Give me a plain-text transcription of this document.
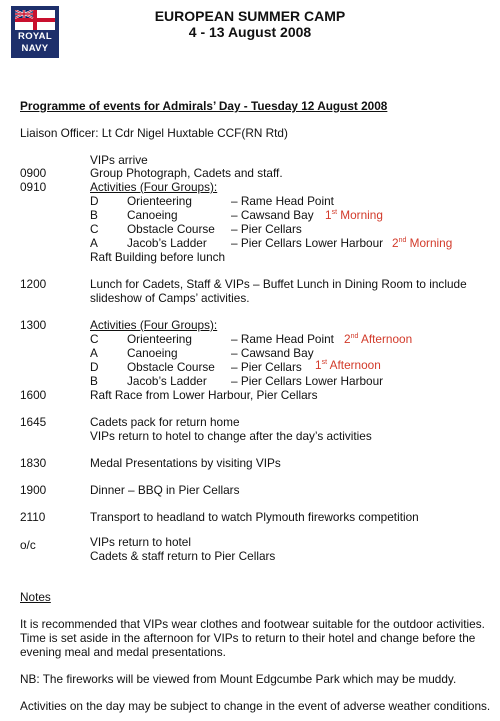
ROYAL
NAVY
EUROPEAN SUMMER CAMP
4 - 13 August 2008
Programme of events for Admirals’ Day - Tuesday 12 August 2008
Liaison Officer: Lt Cdr Nigel Huxtable CCF(RN Rtd)
VIPs arrive
0900	Group Photograph, Cadets and staff.
0910	Activities (Four Groups):
D Orienteering	– Rame Head Point
B Canoeing	– Cawsand Bay 1st Morning
C Obstacle Course – Pier Cellars
A Jacob’s Ladder – Pier Cellars Lower Harbour 2nd Morning
Raft Building before lunch
1200	Lunch for Cadets, Staff & VIPs – Buffet Lunch in Dining Room to include
slideshow of Camps’ activities.
1300	Activities (Four Groups):
C Orienteering	– Rame Head Point 2nd Afternoon
A Canoeing	– Cawsand Bay
D Obstacle Course – Pier Cellars 1st Afternoon
B Jacob’s Ladder – Pier Cellars Lower Harbour
1600	Raft Race from Lower Harbour, Pier Cellars
1645	Cadets pack for return home
VIPs return to hotel to change after the day’s activities
1830	Medal Presentations by visiting VIPs
1900	Dinner – BBQ in Pier Cellars
2110	Transport to headland to watch Plymouth fireworks competition
o/c	VIPs return to hotel
Cadets & staff return to Pier Cellars
Notes
It is recommended that VIPs wear clothes and footwear suitable for the outdoor activities.
Time is set aside in the afternoon for VIPs to return to their hotel and change before the
evening meal and medal presentations.
NB: The fireworks will be viewed from Mount Edgcumbe Park which may be muddy.
Activities on the day may be subject to change in the event of adverse weather conditions.
